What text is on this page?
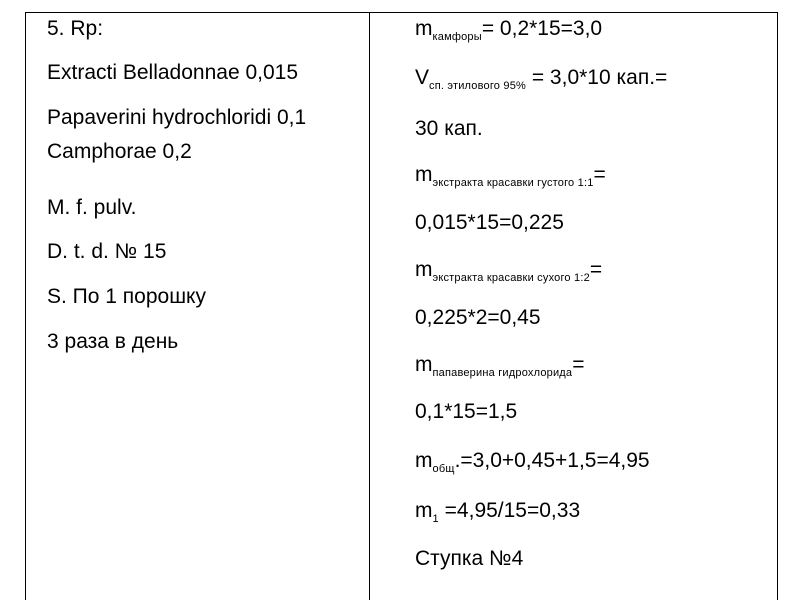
5. Rp:
Extracti Belladonnae 0,015
Papaverini hydrochloridi 0,1
Camphorae 0,2
M. f. pulv.
D. t. d. № 15
S. По 1 порошку
3 раза в день
$m_{камфоры}= 0,2*15=3,0$
$V_{сп. этилового 95\%} = 3,0*10$ кап.=
30 кап.
$m_{экстракта красавки густого 1:1}=$
0,015*15=0,225
$m_{экстракта красавки сухого 1:2}=$
0,225*2=0,45
$m_{папаверина гидрохлорида}=$
0,1*15=1,5
$m_{общ}.=3,0+0,45+1,5=4,95$
$m_1 =4,95/15=0,33$
Ступка №4
